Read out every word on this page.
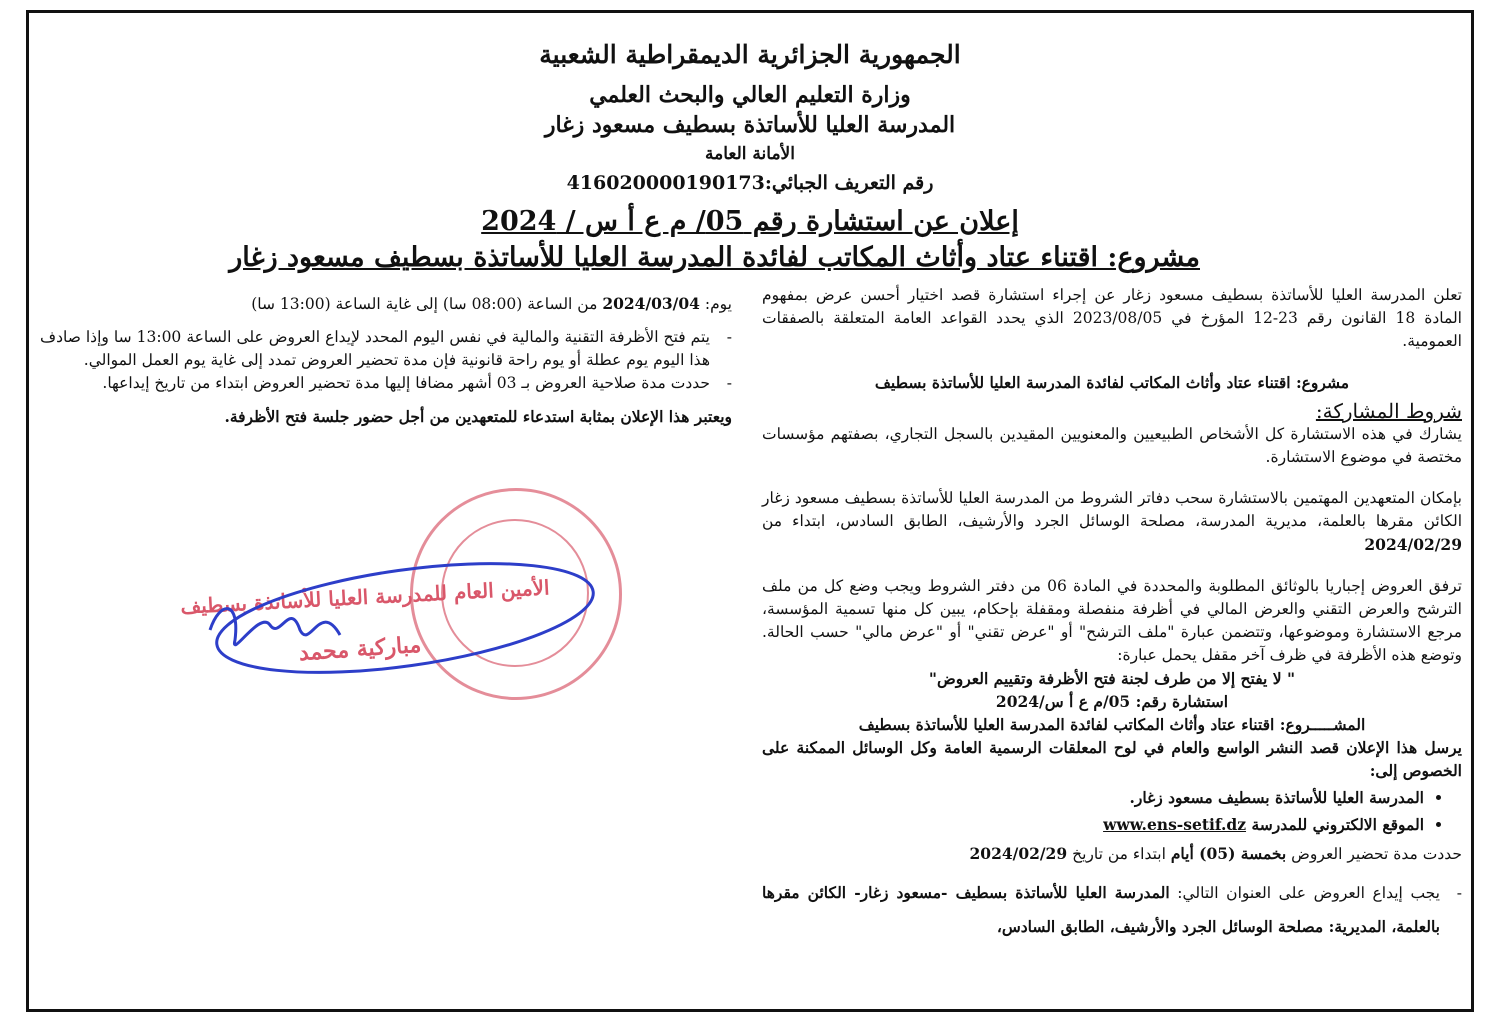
الجمهورية الجزائرية الديمقراطية الشعبية
وزارة التعليم العالي والبحث العلمي
المدرسة العليا للأساتذة بسطيف مسعود زغار
الأمانة العامة
رقم التعريف الجبائي:416020000190173
إعلان عن استشارة رقم 05/ م ع أ س / 2024
مشروع: اقتناء عتاد وأثاث المكاتب لفائدة المدرسة العليا للأساتذة بسطيف مسعود زغار

تعلن المدرسة العليا للأساتذة بسطيف مسعود زغار عن إجراء استشارة قصد اختيار أحسن عرض بمفهوم المادة 18 القانون رقم 23-12 المؤرخ في 2023/08/05 الذي يحدد القواعد العامة المتعلقة بالصفقات العمومية.

مشروع: اقتناء عتاد وأثاث المكاتب لفائدة المدرسة العليا للأساتذة بسطيف

شروط المشاركة:

يشارك في هذه الاستشارة كل الأشخاص الطبيعيين والمعنويين المقيدين بالسجل التجاري، بصفتهم مؤسسات مختصة في موضوع الاستشارة.

بإمكان المتعهدين المهتمين بالاستشارة سحب دفاتر الشروط من المدرسة العليا للأساتذة بسطيف مسعود زغار الكائن مقرها بالعلمة، مديرية المدرسة، مصلحة الوسائل الجرد والأرشيف، الطابق السادس، ابتداء من 2024/02/29

ترفق العروض إجباريا بالوثائق المطلوبة والمحددة في المادة 06 من دفتر الشروط ويجب وضع كل من ملف الترشح والعرض التقني والعرض المالي في أظرفة منفصلة ومقفلة بإحكام، يبين كل منها تسمية المؤسسة، مرجع الاستشارة وموضوعها، وتتضمن عبارة "ملف الترشح" أو "عرض تقني" أو "عرض مالي" حسب الحالة. وتوضع هذه الأظرفة في ظرف آخر مقفل يحمل عبارة:

" لا يفتح إلا من طرف لجنة فتح الأظرفة وتقييم العروض"

استشارة رقم: 05/م ع أ س/2024

المشـــــروع: اقتناء عتاد وأثاث المكاتب لفائدة المدرسة العليا للأساتذة بسطيف

يرسل هذا الإعلان قصد النشر الواسع والعام في لوح المعلقات الرسمية العامة وكل الوسائل الممكنة على الخصوص إلى:

• المدرسة العليا للأساتذة بسطيف مسعود زغار.
• الموقع الالكتروني للمدرسة www.ens-setif.dz

حددت مدة تحضير العروض بخمسة (05) أيام ابتداء من تاريخ 2024/02/29

- يجب إيداع العروض على العنوان التالي: المدرسة العليا للأساتذة بسطيف -مسعود زغار- الكائن مقرها بالعلمة، المديرية: مصلحة الوسائل الجرد والأرشيف، الطابق السادس،

يوم: 2024/03/04 من الساعة (08:00 سا) إلى غاية الساعة (13:00 سا)

- يتم فتح الأظرفة التقنية والمالية في نفس اليوم المحدد لإيداع العروض على الساعة 13:00 سا وإذا صادف هذا اليوم يوم عطلة أو يوم راحة قانونية فإن مدة تحضير العروض تمدد إلى غاية يوم العمل الموالي.

- حددت مدة صلاحية العروض بـ 03 أشهر مضافا إليها مدة تحضير العروض ابتداء من تاريخ إيداعها.

ويعتبر هذا الإعلان بمثابة استدعاء للمتعهدين من أجل حضور جلسة فتح الأظرفة.

الأمين العام للمدرسة العليا للأساتذة بسطيف
مباركية محمد
